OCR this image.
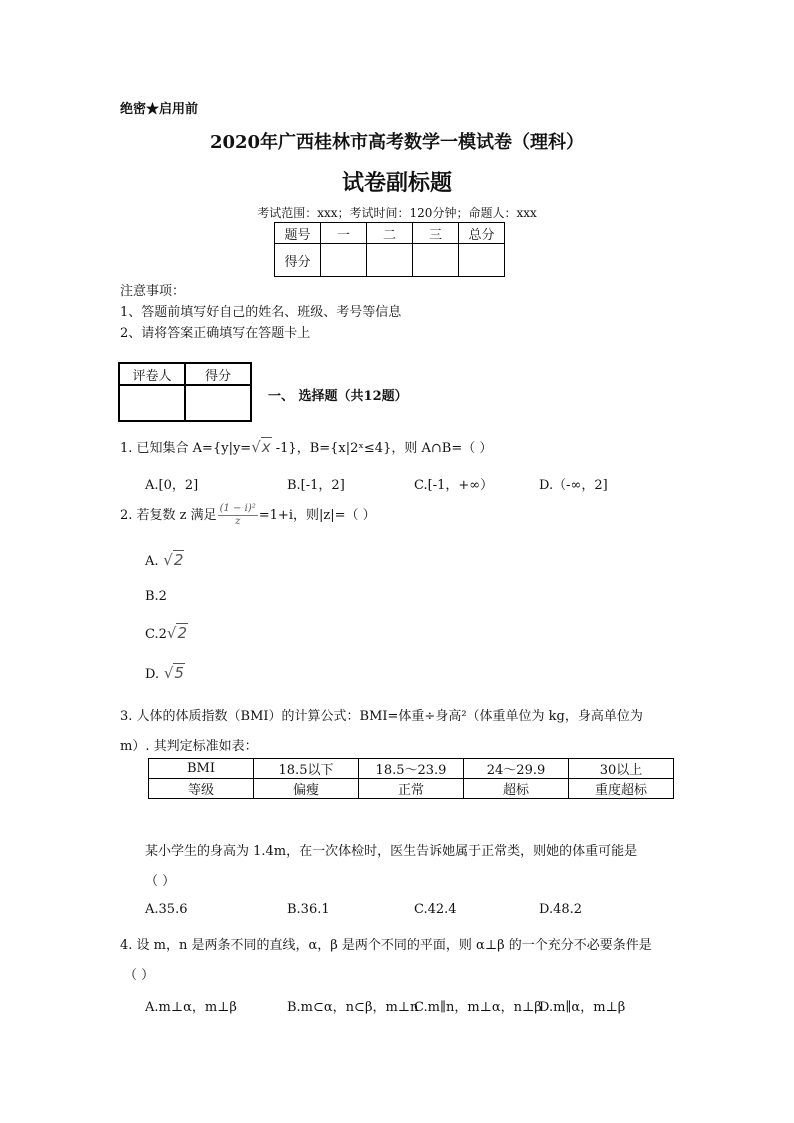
绝密★启用前
2020年广西桂林市高考数学一模试卷（理科）
试卷副标题
考试范围：xxx；考试时间：120分钟；命题人：xxx
题号	一	二	三	总分
得分				
注意事项：
1、答题前填写好自己的姓名、班级、考号等信息
2、请将答案正确填写在答题卡上
评卷人	得分

一、 选择题（共12题）
1. 已知集合 A={y|y=√x -1}，B={x|2ˣ≤4}，则 A∩B=（ ）
A.[0，2]	B.[-1，2]	C.[-1，+∞）	D.（-∞，2]
2. 若复数 z 满足 $\frac{\text{(1 − i)²}}{z} =1+i$，则|z|=（ ）
A. √2
B.2
C.2√2
D. √5
3. 人体的体质指数（BMI）的计算公式：BMI=体重÷身高²（体重单位为 kg，身高单位为
m）. 其判定标准如表：
BMI	18.5以下	18.5～23.9	24～29.9	30以上
等级	偏瘦	正常	超标	重度超标
某小学生的身高为 1.4m，在一次体检时，医生告诉她属于正常类，则她的体重可能是
（ ）
A.35.6	B.36.1	C.42.4	D.48.2
4. 设 m，n 是两条不同的直线，α，β 是两个不同的平面，则 α⊥β 的一个充分不必要条件是
（ ）
A.m⊥α，m⊥β	B.m⊂α，n⊂β，m⊥n
C.m∥n，m⊥α，n⊥β
D.m∥α，m⊥β
